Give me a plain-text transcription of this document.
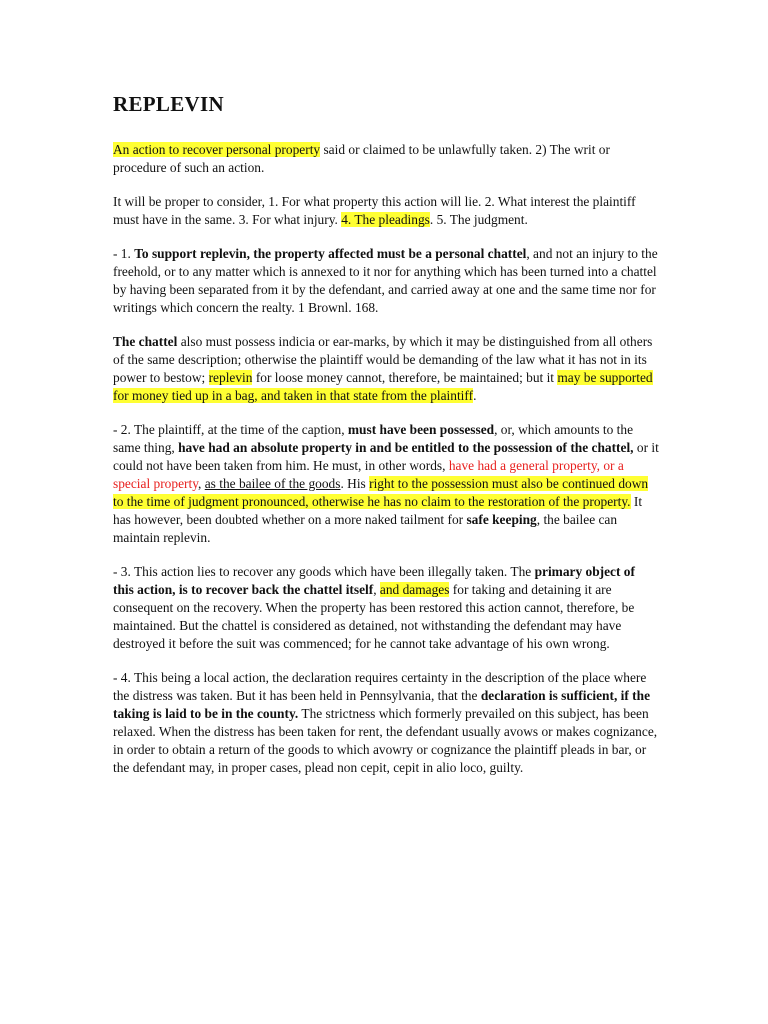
REPLEVIN

An action to recover personal property said or claimed to be unlawfully taken. 2) The writ or procedure of such an action.

It will be proper to consider, 1. For what property this action will lie. 2. What interest the plaintiff must have in the same. 3. For what injury. 4. The pleadings. 5. The judgment.

- 1. To support replevin, the property affected must be a personal chattel, and not an injury to the freehold, or to any matter which is annexed to it nor for anything which has been turned into a chattel by having been separated from it by the defendant, and carried away at one and the same time nor for writings which concern the realty. 1 Brownl. 168.

The chattel also must possess indicia or ear-marks, by which it may be distinguished from all others of the same description; otherwise the plaintiff would be demanding of the law what it has not in its power to bestow; replevin for loose money cannot, therefore, be maintained; but it may be supported for money tied up in a bag, and taken in that state from the plaintiff.

- 2. The plaintiff, at the time of the caption, must have been possessed, or, which amounts to the same thing, have had an absolute property in and be entitled to the possession of the chattel, or it could not have been taken from him. He must, in other words, have had a general property, or a special property, as the bailee of the goods. His right to the possession must also be continued down to the time of judgment pronounced, otherwise he has no claim to the restoration of the property. It has however, been doubted whether on a more naked tailment for safe keeping, the bailee can maintain replevin.

- 3. This action lies to recover any goods which have been illegally taken. The primary object of this action, is to recover back the chattel itself, and damages for taking and detaining it are consequent on the recovery. When the property has been restored this action cannot, therefore, be maintained. But the chattel is considered as detained, not withstanding the defendant may have destroyed it before the suit was commenced; for he cannot take advantage of his own wrong.

- 4. This being a local action, the declaration requires certainty in the description of the place where the distress was taken. But it has been held in Pennsylvania, that the declaration is sufficient, if the taking is laid to be in the county. The strictness which formerly prevailed on this subject, has been relaxed. When the distress has been taken for rent, the defendant usually avows or makes cognizance, in order to obtain a return of the goods to which avowry or cognizance the plaintiff pleads in bar, or the defendant may, in proper cases, plead non cepit, cepit in alio loco, guilty.
